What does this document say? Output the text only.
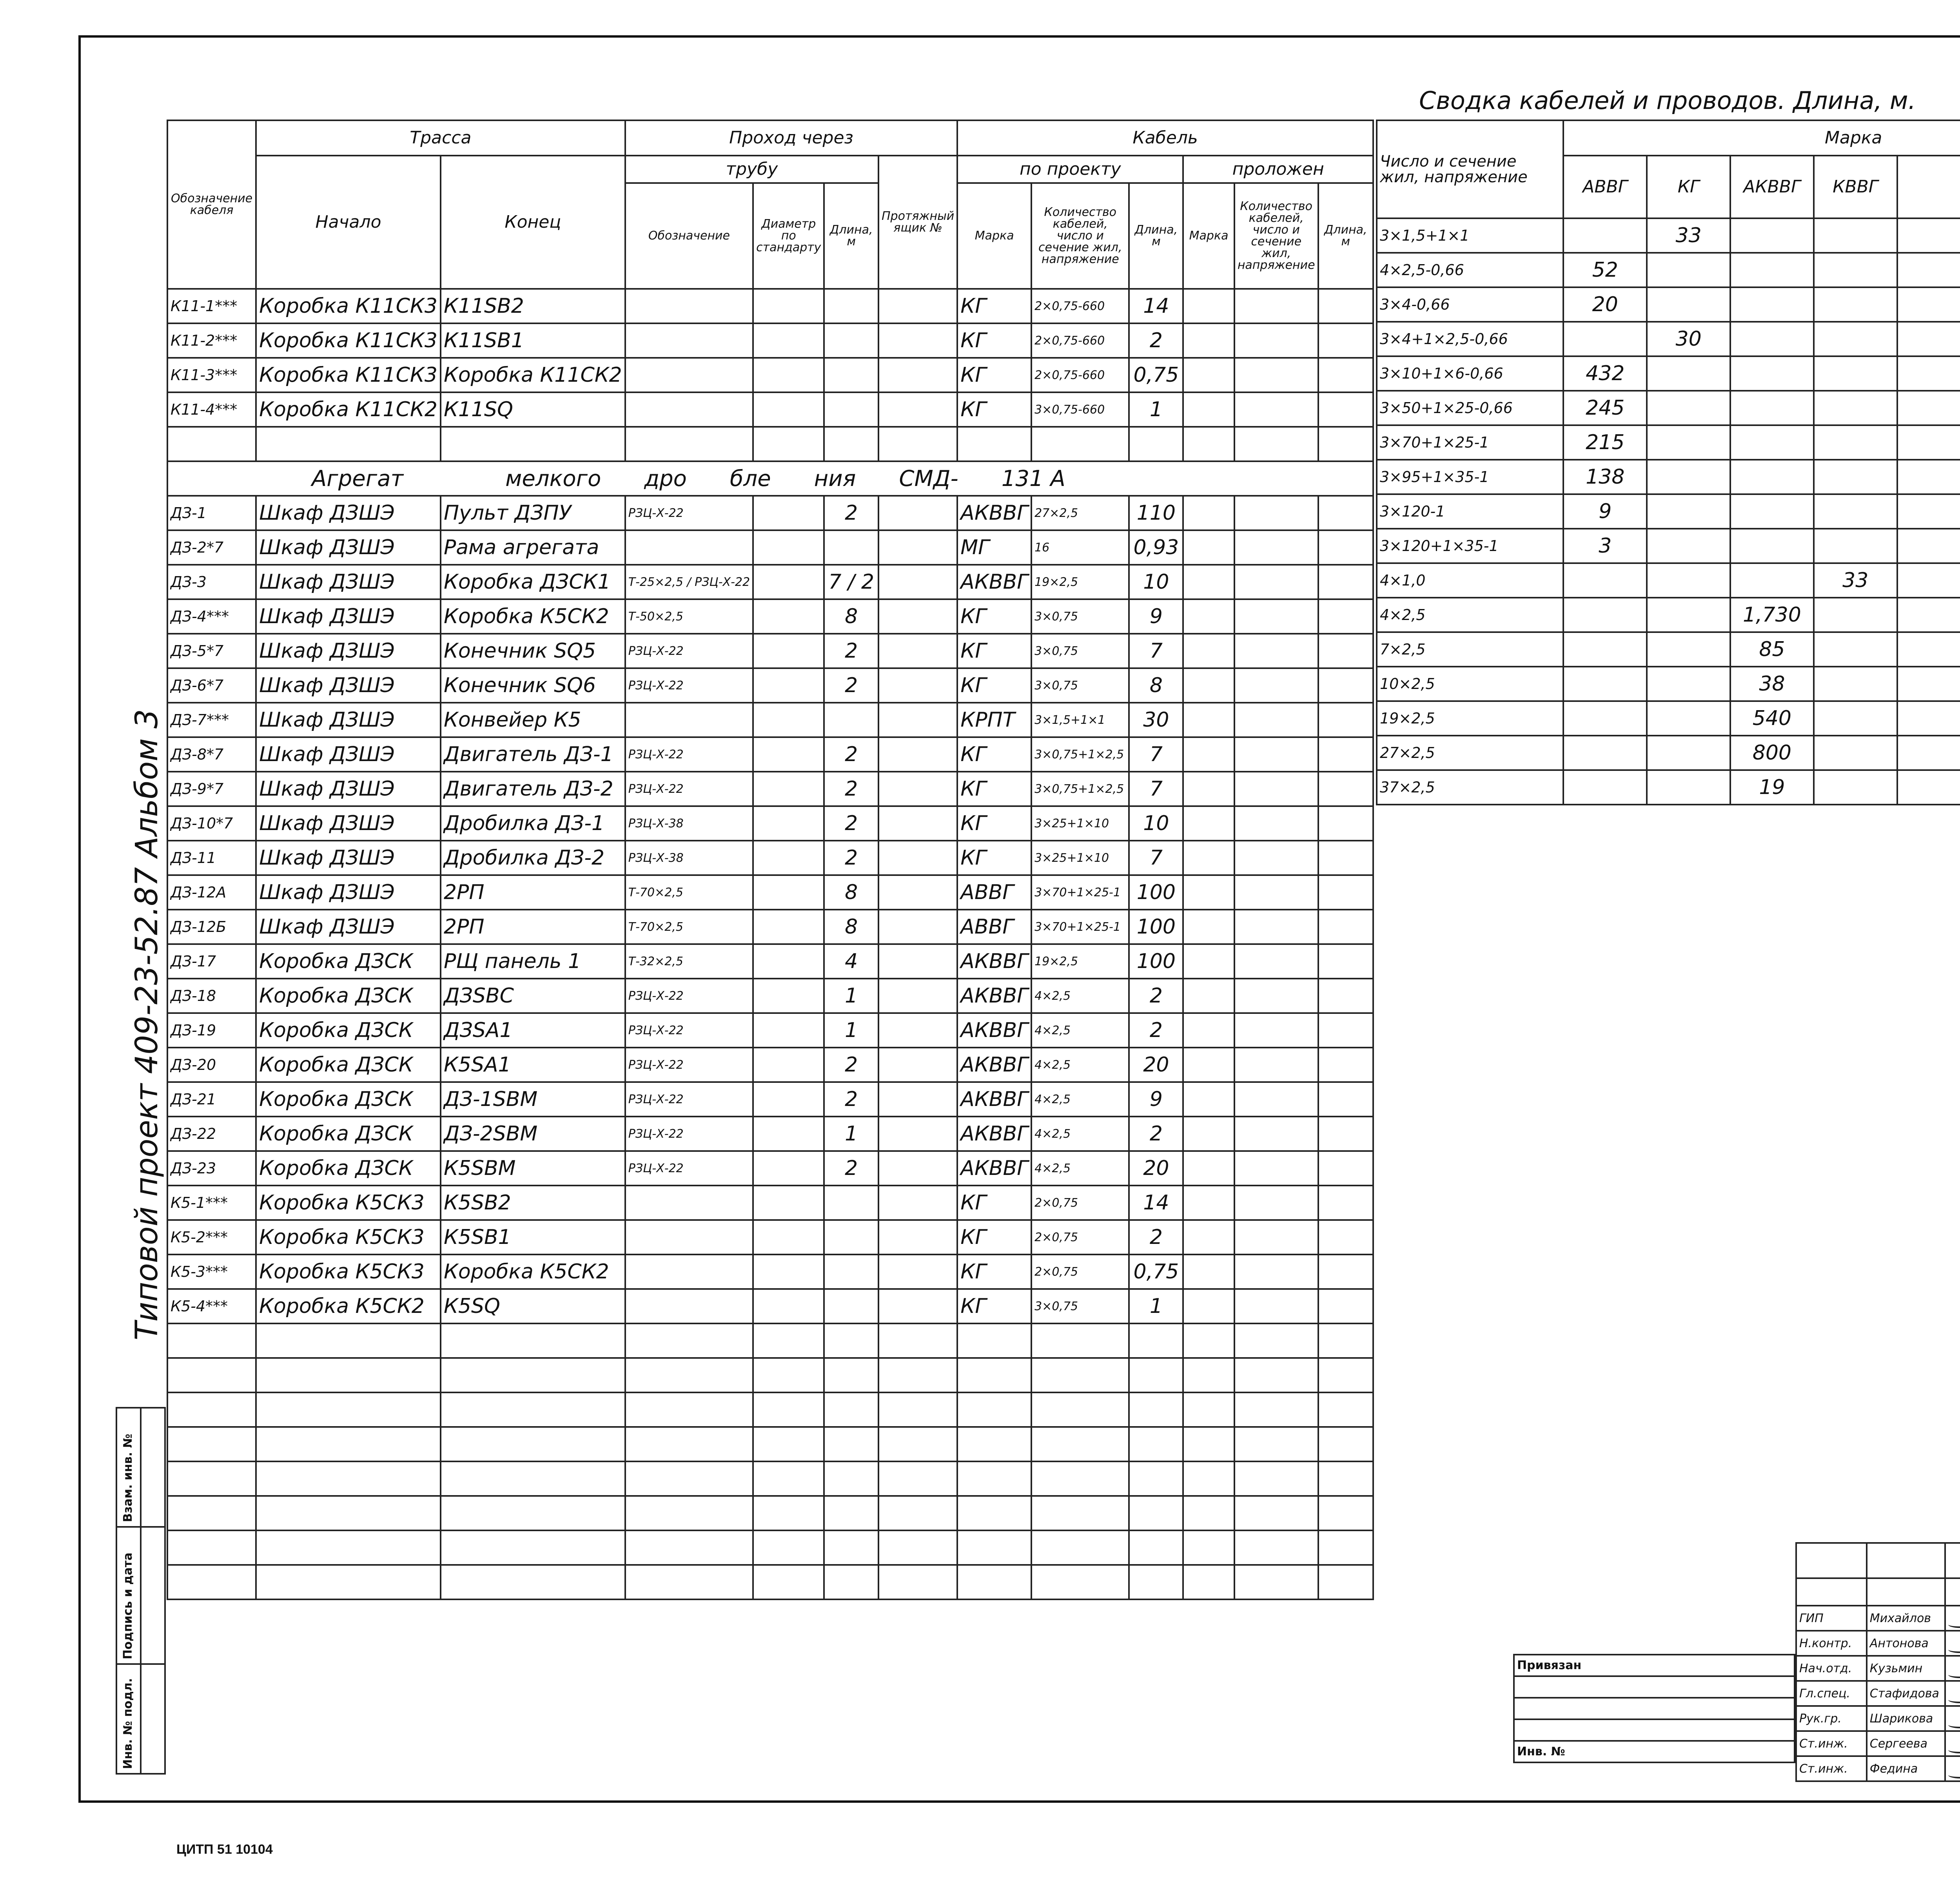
Типовой проект 409-23-52.87 Альбом 3
Взам. инв. №
Подпись и дата
Инв. № подл.
Обозначение кабеля	Трасса		Проход через				Кабель					
	Начало	Конец	трубу			Протяжный ящик №	по проекту			проложен		
			Обозначение	Диаметр по стандарту	Длина, м		Марка	Количество кабелей, число и сечение жил, напряжение	Длина, м	Марка	Количество кабелей, число и сечение жил, напряжение	Длина, м
К11-1***	Коробка К11СК3	К11SВ2					КГ	2×0,75-660	14			
К11-2***	Коробка К11СК3	К11SВ1					КГ	2×0,75-660	2			
К11-3***	Коробка К11СК3	Коробка К11СК2					КГ	2×0,75-660	0,75			
К11-4***	Коробка К11СК2	К11SQ					КГ	3×0,75-660	1			

Агрегат мелкого дро бле ния СМД- 131 А												
ДЗ-1	Шкаф ДЗШЭ	Пульт ДЗПУ	РЗЦ-Х-22		2		АКВВГ	27×2,5	110			
ДЗ-2*7	Шкаф ДЗШЭ	Рама агрегата					МГ	16	0,93			
ДЗ-3	Шкаф ДЗШЭ	Коробка ДЗСК1	Т-25×2,5 / РЗЦ-Х-22		7 / 2		АКВВГ	19×2,5	10			
ДЗ-4***	Шкаф ДЗШЭ	Коробка К5СК2	Т-50×2,5		8		КГ	3×0,75	9			
ДЗ-5*7	Шкаф ДЗШЭ	Конечник SQ5	РЗЦ-Х-22		2		КГ	3×0,75	7			
ДЗ-6*7	Шкаф ДЗШЭ	Конечник SQ6	РЗЦ-Х-22		2		КГ	3×0,75	8			
ДЗ-7***	Шкаф ДЗШЭ	Конвейер К5					КРПТ	3×1,5+1×1	30			
ДЗ-8*7	Шкаф ДЗШЭ	Двигатель ДЗ-1	РЗЦ-Х-22		2		КГ	3×0,75+1×2,5	7			
ДЗ-9*7	Шкаф ДЗШЭ	Двигатель ДЗ-2	РЗЦ-Х-22		2		КГ	3×0,75+1×2,5	7			
ДЗ-10*7	Шкаф ДЗШЭ	Дробилка ДЗ-1	РЗЦ-Х-38		2		КГ	3×25+1×10	10			
ДЗ-11	Шкаф ДЗШЭ	Дробилка ДЗ-2	РЗЦ-Х-38		2		КГ	3×25+1×10	7			
ДЗ-12А	Шкаф ДЗШЭ	2РП	Т-70×2,5		8		АВВГ	3×70+1×25-1	100			
ДЗ-12Б	Шкаф ДЗШЭ	2РП	Т-70×2,5		8		АВВГ	3×70+1×25-1	100			
ДЗ-17	Коробка ДЗСК	РЩ панель 1	Т-32×2,5		4		АКВВГ	19×2,5	100			
ДЗ-18	Коробка ДЗСК	ДЗSВС	РЗЦ-Х-22		1		АКВВГ	4×2,5	2			
ДЗ-19	Коробка ДЗСК	ДЗSА1	РЗЦ-Х-22		1		АКВВГ	4×2,5	2			
ДЗ-20	Коробка ДЗСК	К5SА1	РЗЦ-Х-22		2		АКВВГ	4×2,5	20			
ДЗ-21	Коробка ДЗСК	ДЗ-1SВМ	РЗЦ-Х-22		2		АКВВГ	4×2,5	9			
ДЗ-22	Коробка ДЗСК	ДЗ-2SВМ	РЗЦ-Х-22		1		АКВВГ	4×2,5	2			
ДЗ-23	Коробка ДЗСК	К5SВМ	РЗЦ-Х-22		2		АКВВГ	4×2,5	20			
К5-1***	Коробка К5СК3	К5SВ2					КГ	2×0,75	14			
К5-2***	Коробка К5СК3	К5SВ1					КГ	2×0,75	2			
К5-3***	Коробка К5СК3	Коробка К5СК2					КГ	2×0,75	0,75			
К5-4***	Коробка К5СК2	К5SQ					КГ	3×0,75	1			

Сводка кабелей и проводов. Длина, м.
Число и сечение жил, напряжение	Марка						
	АВВГ	КГ	АКВВГ	КВВГ			
3×1,5+1×1		33					
4×2,5-0,66	52						
3×4-0,66	20						
3×4+1×2,5-0,66		30					
3×10+1×6-0,66	432						
3×50+1×25-0,66	245						
3×70+1×25-1	215						
3×95+1×35-1	138						
3×120-1	9						
3×120+1×35-1	3						
4×1,0				33			
4×2,5			1,730				
7×2,5			85				
10×2,5			38				
19×2,5			540				
27×2,5			800				
37×2,5			19				

ГИП	Михайлов					
Н.контр.	Антонова					
Нач.отд.	Кузьмин				
Гл.спец.	Стафидова		
Рук.гр.	Шарикова		

Ст.инж.	Сергеева					
Ст.инж.	Федина					
Привязан

Инв. №
ЦИТП 51 10104
